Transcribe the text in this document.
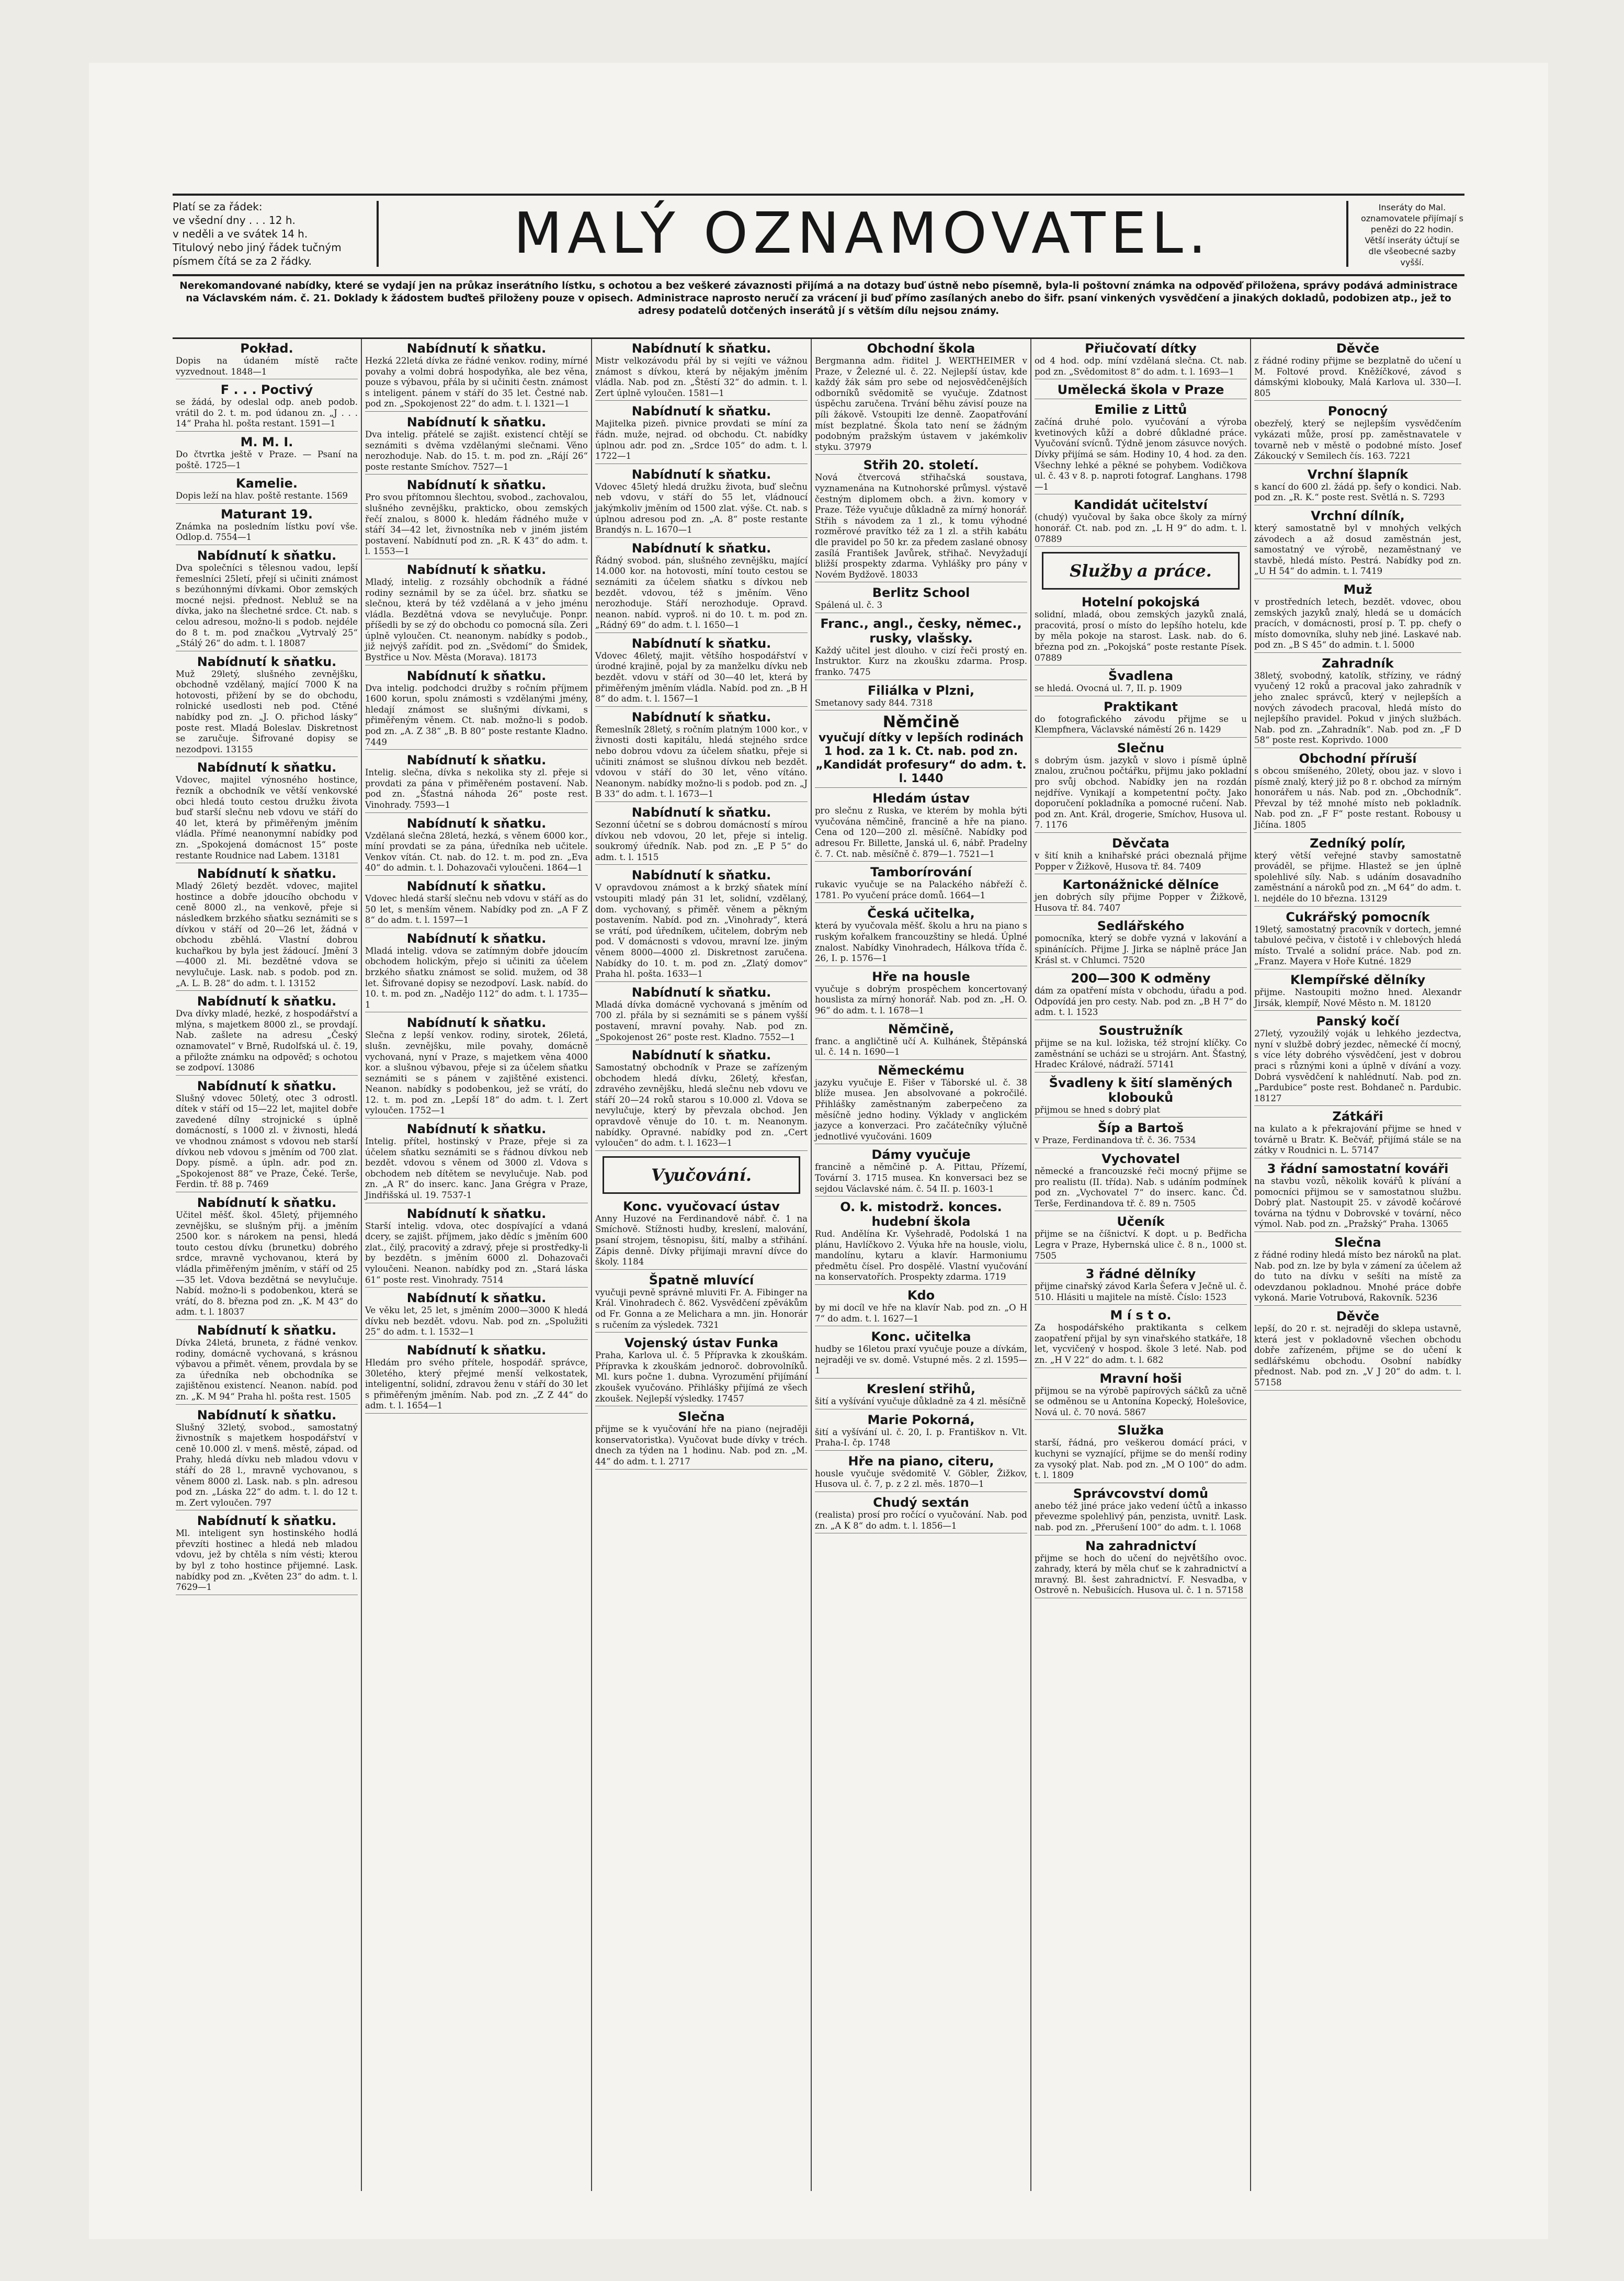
Platí se za řádek:
ve všední dny . . . 12 h.
v neděli a ve svátek 14 h.
Titulový nebo jiný řádek tučným písmem čítá se za 2 řádky.	MALÝ OZNAMOVATEL.	Inseráty do Mal. oznamovatele přijímají s penězi do 22 hodin. Větší inseráty účtují se dle všeobecné sazby vyšší.
Nerekomandované nabídky, které se vydají jen na průkaz inserátního lístku, s ochotou a bez veškeré závaznosti přijímá a na dotazy buď ústně nebo písemně, byla-li poštovní známka na odpověď přiložena, správy podává administrace na Václavském nám. č. 21. Doklady k žádostem buďteš přiloženy pouze v opisech. Administrace naprosto neručí za vrácení ji buď přímo zasílaných anebo do šifr. psaní vinkených vysvědčení a jinakých dokladů, podobizen atp., jež to adresy podatelů dotčených inserátů jí s větším dílu nejsou známy.

Pokład.

Dopis na údaném místě račte vyzvednout. 1848—1

F . . . Poctivý

se žádá, by odeslal odp. aneb podob. vrátil do 2. t. m. pod údanou zn. „J . . . 14“ Praha hl. pošta restant. 1591—1

M. M. I.

Do čtvrtka ještě v Praze. — Psaní na poště. 1725—1

Kamelie.

Dopis leží na hlav. poště restante. 1569

Maturant 19.

Známka na posledním lístku poví vše. Odlop.d. 7554—1

Nabídnutí k sňatku.

Dva společníci s tělesnou vadou, lepší řemeslníci 25letí, přejí si učiniti známost s bezúhonnými dívkami. Obor zemských mocné nejsi. přednost. Nebluž se na dívka, jako na šlechetné srdce. Ct. nab. s celou adresou, možno-li s podob. nejdéle do 8 t. m. pod značkou „Vytrvalý 25“ „Stálý 26“ do adm. t. l. 18087

Nabídnutí k sňatku.

Muž 29letý, slušného zevnějšku, obchodně vzdělaný, mající 7000 K na hotovosti, přižení by se do obchodu, rolnické usedlosti neb pod. Ctěné nabídky pod zn. „J. O. přichod lásky“ poste rest. Mladá Boleslav. Diskretnost se zaručuje. Šifrované dopisy se nezodpovi. 13155

Nabídnutí k sňatku.

Vdovec, majitel výnosného hostince, řezník a obchodník ve větší venkovské obci hledá touto cestou družku života buď starší slečnu neb vdovu ve stáří do 40 let, která by přiměřeným jměním vládla. Přímé neanonymní nabídky pod zn. „Spokojená domácnost 15“ poste restante Roudnice nad Labem. 13181

Nabídnutí k sňatku.

Mladý 26letý bezdět. vdovec, majitel hostince a dobře jdoucího obchodu v ceně 8000 zl., na venkově, přeje si následkem brzkého sňatku seznámiti se s dívkou v stáří od 20—26 let, žádná v obchodu zběhlá. Vlastní dobrou kuchařkou by byla jest žádoucí. Jmění 3—4000 zl. Mi. bezdětné vdova se nevylučuje. Lask. nab. s podob. pod zn. „A. L. B. 28“ do adm. t. l. 13152

Nabídnutí k sňatku.

Dva dívky mladé, hezké, z hospodářství a mlýna, s majetkem 8000 zl., se provdají. Nab. zašlete na adresu „Český oznamovatel“ v Brně, Rudolfská ul. č. 19, a přiložte známku na odpověď; s ochotou se zodpoví. 13086

Nabídnutí k sňatku.

Slušný vdovec 50letý, otec 3 odrostl. dítek v stáří od 15—22 let, majitel dobře zavedené dílny strojnické s úplně domácností, s 1000 zl. v živnosti, hledá ve vhodnou známost s vdovou neb starší dívkou neb vdovou s jměním od 700 zlat. Dopy. písmě. a úpln. adr. pod zn. „Spokojenost 88“ ve Praze, Čeké. Terše, Ferdin. tř. 88 p. 7469

Nabídnutí k sňatku.

Učitel měšť. škol. 45letý, přijemného zevnějšku, se slušným přij. a jměním 2500 kor. s nárokem na pensi, hledá touto cestou dívku (brunetku) dobrého srdce, mravně vychovanou, která by vládla přiměřeným jměním, v stáří od 25—35 let. Vdova bezdětná se nevylučuje. Nabíd. možno-li s podobenkou, která se vrátí, do 8. března pod zn. „K. M 43“ do adm. t. l. 18037

Nabídnutí k sňatku.

Dívka 24letá, bruneta, z řádné venkov. rodiny, domácně vychovaná, s krásnou výbavou a přimět. věnem, provdala by se za úředníka neb obchodníka se zajištěnou existencí. Neanon. nabíd. pod zn. „K. M 94“ Praha hl. pošta rest. 1505

Nabídnutí k sňatku.

Slušný 32letý, svobod., samostatný živnostník s majetkem hospodářství v ceně 10.000 zl. v menš. městě, západ. od Prahy, hledá dívku neb mladou vdovu v stáří do 28 l., mravně vychovanou, s věnem 8000 zl. Lask. nab. s pln. adresou pod zn. „Láska 22“ do adm. t. l. do 12 t. m. Zert vyloučen. 797

Nabídnutí k sňatku.

Ml. inteligent syn hostinského hodlá převzíti hostinec a hledá neb mladou vdovu, jež by chtěla s ním vésti; kterou by byl z toho hostince přijemné. Lask. nabídky pod zn. „Květen 23“ do adm. t. l. 7629—1

Nabídnutí k sňatku.

Hezká 22letá dívka ze řádné venkov. rodiny, mírné povahy a volmi dobrá hospodyňka, ale bez věna, pouze s výbavou, přála by si učiniti čestn. známost s inteligent. pánem v stáří do 35 let. Čestné nab. pod zn. „Spokojenost 22“ do adm. t. l. 1321—1

Nabídnutí k sňatku.

Dva intelig. přátelé se zajišt. existencí chtějí se seznámiti s dvěma vzdělanými slečnami. Věno nerozhoduje. Nab. do 15. t. m. pod zn. „Rájí 26“ poste restante Smíchov. 7527—1

Nabídnutí k sňatku.

Pro svou přítomnou šlechtou, svobod., zachovalou, slušného zevnějšku, prakticko, obou zemských řečí znalou, s 8000 k. hledám řádného muže v stáří 34—42 let, živnostníka neb v jiném jistém postavení. Nabídnutí pod zn. „R. K 43“ do adm. t. l. 1553—1

Nabídnutí k sňatku.

Mladý, intelig. z rozsáhly obchodník a řádné rodiny seznámil by se za účel. brz. sňatku se slečnou, která by též vzdělaná a v jeho jménu vládla. Bezdětná vdova se nevylučuje. Ponpr. příšedli by se zý do obchodu co pomocná síla. Zeri úplně vyloučen. Ct. neanonym. nabídky s podob., již nejvýš zařídit. pod zn. „Svědomí“ do Šmidek, Bystřice u Nov. Města (Morava). 18173

Nabídnutí k sňatku.

Dva intelig. podchodci družby s ročním příjmem 1600 korun, spolu známosti s vzdělanými jmény, hledají známost se slušnými dívkami, s přiměřeným věnem. Ct. nab. možno-li s podob. pod zn. „A. Z 38“ „B. B 80“ poste restante Kladno. 7449

Nabídnutí k sňatku.

Intelig. slečna, dívka s nekolika sty zl. přeje si provdati za pána v přiměřeném postavení. Nab. pod zn. „Šťastná náhoda 26“ poste rest. Vinohrady. 7593—1

Nabídnutí k sňatku.

Vzdělaná slečna 28letá, hezká, s věnem 6000 kor., míní provdati se za pána, úředníka neb učitele. Venkov vítán. Ct. nab. do 12. t. m. pod zn. „Eva 40“ do admin. t. l. Dohazovači vyloučeni. 1864—1

Nabídnutí k sňatku.

Vdovec hledá starší slečnu neb vdovu v stáří as do 50 let, s menším věnem. Nabídky pod zn. „A F Z 8“ do adm. t. l. 1597—1

Nabídnutí k sňatku.

Mladá intelig. vdova se zatímným dobře jdoucím obchodem holickým, přejo si učiniti za účelem brzkého sňatku známost se solid. mužem, od 38 let. Šifrované dopisy se nezodpoví. Lask. nabíd. do 10. t. m. pod zn. „Nadějo 112“ do adm. t. l. 1735—1

Nabídnutí k sňatku.

Slečna z lepší venkov. rodiny, sirotek, 26letá, slušn. zevnějšku, mile povahy, domácně vychovaná, nyní v Praze, s majetkem věna 4000 kor. a slušnou výbavou, přeje si za účelem sňatku seznámiti se s pánem v zajištěné existenci. Neanon. nabídky s podobenkou, jež se vrátí, do 12. t. m. pod zn. „Lepší 18“ do adm. t. l. Zert vyloučen. 1752—1

Nabídnutí k sňatku.

Intelig. přítel, hostinský v Praze, přeje si za účelem sňatku seznámiti se s řádnou dívkou neb bezdět. vdovou s věnem od 3000 zl. Vdova s obchodem neb dítětem se nevylučuje. Nab. pod zn. „A R“ do inserc. kanc. Jana Grégra v Praze, Jindřišská ul. 19. 7537-1

Nabídnutí k sňatku.

Starší intelig. vdova, otec dospívající a vdaná dcery, se zajišt. příjmem, jako dědíc s jměním 600 zlat., čilý, pracovitý a zdravý, přeje si prostředky-li by bezdětn. s jměním 6000 zl. Dohazovači vyloučeni. Neanon. nabídky pod zn. „Stará láska 61“ poste rest. Vinohrady. 7514

Nabídnutí k sňatku.

Ve věku let, 25 let, s jměním 2000—3000 K hledá dívku neb bezdět. vdovu. Nab. pod zn. „Spolužiti 25“ do adm. t. l. 1532—1

Nabídnutí k sňatku.

Hledám pro svého přítele, hospodář. správce, 30letého, který přejmé menší velkostatek, inteligentní, solidní, zdravou ženu v stáří do 30 let s přiměřeným jměním. Nab. pod zn. „Z Z 44“ do adm. t. l. 1654—1

Nabídnutí k sňatku.

Mistr velkozávodu přál by si vejíti ve vážnou známost s dívkou, která by nějakým jměním vládla. Nab. pod zn. „Štěstí 32“ do admin. t. l. Zert úplně vyloučen. 1581—1

Nabídnutí k sňatku.

Majitelka pizeň. pivnice provdati se míní za řádn. muže, nejrad. od obchodu. Ct. nabídky úplnou adr. pod zn. „Srdce 105“ do adm. t. l. 1722—1

Nabídnutí k sňatku.

Vdovec 45letý hledá družku života, buď slečnu neb vdovu, v stáří do 55 let, vládnoucí jakýmkoliv jměním od 1500 zlat. výše. Ct. nab. s úplnou adresou pod zn. „A. 8“ poste restante Brandýs n. L. 1670—1

Nabídnutí k sňatku.

Řádný svobod. pán, slušného zevnějšku, mající 14.000 kor. na hotovosti, míní touto cestou se seznámiti za účelem sňatku s dívkou neb bezdět. vdovou, též s jměním. Věno nerozhoduje. Stáří nerozhoduje. Opravd. neanon. nabíd. vyproš. ni do 10. t. m. pod zn. „Rádný 69“ do adm. t. l. 1650—1

Nabídnutí k sňatku.

Vdovec 46letý, majit. většího hospodářství v úrodné krajině, pojal by za manželku dívku neb bezdět. vdovu v stáří od 30—40 let, která by přiměřeným jměním vládla. Nabíd. pod zn. „B H 8“ do adm. t. l. 1567—1

Nabídnutí k sňatku.

Řemeslník 28letý, s ročním platným 1000 kor., v živnosti dosti kapitálu, hledá stejného srdce nebo dobrou vdovu za účelem sňatku, přeje si učiniti známost se slušnou dívkou neb bezdět. vdovou v stáří do 30 let, věno vítáno. Neanonym. nabídky možno-li s podob. pod zn. „J B 33“ do adm. t. l. 1673—1

Nabídnutí k sňatku.

Sezonní účetní se s dobrou domácností s mírou dívkou neb vdovou, 20 let, přeje si intelig. soukromý úředník. Nab. pod zn. „E P 5“ do adm. t. l. 1515

Nabídnutí k sňatku.

V opravdovou známost a k brzký sňatek míní vstoupiti mladý pán 31 let, solidní, vzdělaný, dom. vychovaný, s přiměř. věnem a pěkným postavením. Nabíd. pod zn. „Vinohrady“, která se vrátí, pod úředníkem, učitelem, dobrým neb pod. V domácnosti s vdovou, mravní lze. jiným věnem 8000—4000 zl. Diskretnost zaručena. Nabídky do 10. t. m. pod zn. „Zlatý domov“ Praha hl. pošta. 1633—1

Nabídnutí k sňatku.

Mladá dívka domácně vychovaná s jměním od 700 zl. přála by si seznámiti se s pánem vyšší postavení, mravní povahy. Nab. pod zn. „Spokojenost 26“ poste rest. Kladno. 7552—1

Nabídnutí k sňatku.

Samostatný obchodník v Praze se zařízeným obchodem hledá dívku, 26letý, křesťan, zdravého zevnějšku, hledá slečnu neb vdovu ve stáří 20—24 roků starou s 10.000 zl. Vdova se nevylučuje, který by převzala obchod. Jen opravdově věnuje do 10. t. m. Neanonym. nabídky. Opravné. nabídky pod zn. „Cert vyloučen“ do adm. t. l. 1623—1

Vyučování.

Konc. vyučovací ústav

Anny Huzové na Ferdinandově nábř. č. 1 na Smíchově. Stížnosti hudby, kreslení, malování, psaní strojem, těsnopisu, šití, malby a střihání. Zápis denně. Dívky přijímaji mravní dívce do školy. 1184

Špatně mluvící

vyučuji pevně správně mluviti Fr. A. Fibinger na Král. Vinohradech č. 862. Vysvědčení zpěvákům od Fr. Gonna a ze Melichara a mn. jin. Honorár s ručením za výsledek. 7321

Vojenský ústav Funka

Praha, Karlova ul. č. 5 Přípravka k zkouškám. Přípravka k zkouškám jednoroč. dobrovolníků. Ml. kurs počne 1. dubna. Vyrozumění přijímání zkoušek vyučováno. Přihlášky přijímá ze všech zkoušek. Nejlepší výsledky. 17457

Slečna

přijme se k vyučování hře na piano (nejraději konservatoristka). Vyučovat bude dívky v tréch. dnech za týden na 1 hodinu. Nab. pod zn. „M. 44“ do adm. t. l. 2717

Obchodní škola

Bergmanna adm. řiditel J. WERTHEIMER v Praze, v Železné ul. č. 22. Nejlepší ústav, kde každý žák sám pro sebe od nejosvědčenějších odborníků svědomitě se vyučuje. Zdatnost úspěchu zaručena. Trvání běhu závisí pouze na píli žákově. Vstoupiti lze denně. Zaopatřování míst bezplatné. Škola tato není se žádným podobným pražským ústavem v jakémkoliv styku. 37979

Střih 20. století.

Nová čtvercová střihačská soustava, vyznamenána na Kutnohorské průmysl. výstavě čestným diplomem obch. a živn. komory v Praze. Téže vyučuje důkladně za mírný honorář. Střih s návodem za 1 zl., k tomu výhodné rozměrové pravítko též za 1 zl. a střih kabátu dle pravidel po 50 kr. za předem zaslané obnosy zasílá František Javůrek, střihač. Nevyžadují bližší prospekty zdarma. Vyhlášky pro pány v Novém Bydžově. 18033

Berlitz School

Spálená ul. č. 3

Franc., angl., česky, němec., rusky, vlašsky.

Každý učitel jest dlouho. v cizí řeči prostý en. Instruktor. Kurz na zkoušku zdarma. Prosp. franko. 7475

Filiálka v Plzni,

Smetanovy sady 844. 7318

Němčině

vyučují dítky v lepších rodinách 1 hod. za 1 k. Ct. nab. pod zn. „Kandidát profesury“ do adm. t. l. 1440

Hledám ústav

pro slečnu z Ruska, ve kterém by mohla býti vyučována němčině, francině a hře na piano. Cena od 120—200 zl. měsíčně. Nabídky pod adresou Fr. Billette, Janská ul. 6, nábř. Pradelny č. 7. Ct. nab. měsíčně č. 879—1. 7521—1

Tamborírování

rukavic vyučuje se na Palackého nábřeží č. 1781. Po vyučení práce domů. 1664—1

Česká učitelka,

která by vyučovala měšť. školu a hru na piano s ruským kořalkem francouzštiny se hledá. Úplné znalost. Nabídky Vinohradech, Hálkova třída č. 26, I. p. 1576—1

Hře na housle

vyučuje s dobrým prospěchem koncertovaný houslista za mírný honorář. Nab. pod zn. „H. O. 96“ do adm. t. l. 1678—1

Němčině,

franc. a angličtině učí A. Kulhánek, Štěpánská ul. č. 14 n. 1690—1

Německému

jazyku vyučuje E. Fišer v Táborské ul. č. 38 blíže musea. Jen absolvované a pokročilé. Přihlášky zaměstnaným zaberpečeno za měsíčně jedno hodiny. Výklady v anglickém jazyce a konverzaci. Pro začátečníky výlučně jednotlivé vyučováni. 1609

Dámy vyučuje

francině a němčině p. A. Pittau, Přízemí, Tovární 3. 1715 musea. Kn konversaci bez se sejdou Václavské nám. č. 54 II. p. 1603-1

O. k. mistodrž. konces. hudební škola

Rud. Andělína Kr. Vyšehradě, Podolská 1 na plánu, Havlíčkovo 2. Výuka hře na housle, violu, mandolínu, kytaru a klavír. Harmoniumu předmětu čísel. Pro dospělé. Vlastní vyučování na konservatořích. Prospekty zdarma. 1719

Kdo

by mi docíl ve hře na klavír Nab. pod zn. „O H 7“ do adm. t. l. 1627—1

Konc. učitelka

hudby se 16letou praxí vyučuje pouze a dívkám, nejraději ve sv. domě. Vstupné měs. 2 zl. 1595—1

Kreslení střihů,

šití a vyšívání vyučuje důkladně za 4 zl. měsíčně

Marie Pokorná,

šití a vyšívání ul. č. 20, I. p. Františkov n. Vlt. Praha-I. čp. 1748

Hře na piano, citeru,

housle vyučuje svědomitě V. Göbler, Žižkov, Husova ul. č. 7, p. z 2 zl. měs. 1870—1

Chudý sextán

(realista) prosí pro ročící o vyučování. Nab. pod zn. „A K 8“ do adm. t. l. 1856—1

Přiučovatí dítky

od 4 hod. odp. míní vzdělaná slečna. Ct. nab. pod zn. „Svědomitost 8“ do adm. t. l. 1693—1

Umělecká škola v Praze

Emilie z Littů

začíná druhé polo. vyučování a výroba kvetinových kůží a dobré důkladné práce. Vyučování svícnů. Týdně jenom zásuvce nových. Dívky přijímá se sám. Hodiny 10, 4 hod. za den. Všechny lehké a pěkné se pohybem. Vodičkova ul. č. 43 v 8. p. naproti fotograf. Langhans. 1798—1

Kandidát učitelství

(chudý) vyučoval by šaka obce školy za mírný honorář. Ct. nab. pod zn. „L H 9“ do adm. t. l. 07889

Služby a práce.

Hotelní pokojská

solidní, mladá, obou zemských jazyků znalá, pracovitá, prosí o místo do lepšího hotelu, kde by měla pokoje na starost. Lask. nab. do 6. března pod zn. „Pokojská“ poste restante Písek. 07889

Švadlena

se hledá. Ovocná ul. 7, II. p. 1909

Praktikant

do fotografického závodu přijme se u Klempfnera, Václavské náměstí 26 n. 1429

Slečnu

s dobrým úsm. jazyků v slovo i písmě úplně znalou, zručnou počtářku, přijmu jako pokladní pro svůj obchod. Nabídky jen na rozdán nejdříve. Vynikají a kompetentní počty. Jako doporučení pokladníka a pomocné ručení. Nab. pod zn. Ant. Král, drogerie, Smíchov, Husova ul. 7. 1176

Děvčata

v šití knih a knihařské práci obeznalá přijme Popper v Žižkově, Husova tř. 84. 7409

Kartonážnické dělníce

jen dobrých síly přijme Popper v Žižkově, Husova tř. 84. 7407

Sedlářského

pomocníka, který se dobře vyzná v lakování a spinánících. Přijme J. Jirka se náplně práce Jan Krásl st. v Chlumci. 7520

200—300 K odměny

dám za opatření místa v obchodu, úřadu a pod. Odpovídá jen pro cesty. Nab. pod zn. „B H 7“ do adm. t. l. 1523

Soustružník

přijme se na kul. ložiska, též strojní klíčky. Co zaměstnání se ucházi se u strojárn. Ant. Šťastný, Hradec Králové, nádraží. 57141

Švadleny k šití slaměných klobouků

přijmou se hned s dobrý plat

Šíp a Bartoš

v Praze, Ferdinandova tř. č. 36. 7534

Vychovatel

německé a francouzské řeči mocný přijme se pro realistu (II. třída). Nab. s udáním podmínek pod zn. „Vychovatel 7“ do inserc. kanc. Čd. Terše, Ferdinandova tř. č. 89 n. 7505

Učeník

přijme se na číšnictví. K dopt. u p. Bedřicha Legra v Praze, Hybernská ulice č. 8 n., 1000 st. 7505

3 řádné dělníky

přijme cinařský závod Karla Šefera v Ječně ul. č. 510. Hlásiti u majitele na místě. Číslo: 1523

M í s t o.

Za hospodářského praktikanta s celkem zaopatření přijal by syn vinařského statkáře, 18 let, vycvičený v hospod. škole 3 leté. Nab. pod zn. „H V 22“ do adm. t. l. 682

Mravní hoši

přijmou se na výrobě papírových sáčků za učně se odměnou se u Antonína Kopecký, Holešovice, Nová ul. č. 70 nová. 5867

Služka

starší, řádná, pro veškerou domácí práci, v kuchyni se vyznající, přijme se do menší rodiny za vysoký plat. Nab. pod zn. „M O 100“ do adm. t. l. 1809

Správcovství domů

anebo též jiné práce jako vedení účtů a inkasso převezme spolehlivý pán, penzista, uvnitř. Lask. nab. pod zn. „Přerušení 100“ do adm. t. l. 1068

Na zahradnictví

přijme se hoch do učení do největšího ovoc. zahrady, která by měla chuť se k zahradnictví a mravný. Bl. šest zahradnictví. F. Nesvadba, v Ostrově n. Nebušicích. Husova ul. č. 1 n. 57158

Děvče

z řádné rodiny přijme se bezplatně do učení u M. Foltové provd. Kněžíčkové, závod s dámskými klobouky, Malá Karlova ul. 330—I. 805

Ponocný

obezřelý, který se nejlepším vysvědčením vykázati může, prosí pp. zaměstnavatele v tovarně neb v městě o podobné místo. Josef Zákoucký v Semilech čís. 163. 7221

Vrchní šlapník

s kancí do 600 zl. žádá pp. šefy o kondici. Nab. pod zn. „R. K.“ poste rest. Světlá n. S. 7293

Vrchní dílník,

který samostatně byl v mnohých velkých závodech a až dosud zaměstnán jest, samostatný ve výrobě, nezaměstnaný ve stavbě, hledá místo. Pestrá. Nabídky pod zn. „U H 54“ do admin. t. l. 7419

Muž

v prostředních letech, bezdět. vdovec, obou zemských jazyků znalý, hledá se u domácích pracích, v domácnosti, prosí p. T. pp. chefy o místo domovníka, sluhy neb jiné. Laskavé nab. pod zn. „B S 45“ do admin. t. l. 5000

Zahradník

38letý, svobodný, katolík, stříziny, ve rádný vyučený 12 roků a pracoval jako zahradník v jeho znalec správců, který v nejlepších a nových závodech pracoval, hledá místo do nejlepšího pravidel. Pokud v jiných službách. Nab. pod zn. „Zahradník“. Nab. pod zn. „F D 58“ poste rest. Koprivdo. 1000

Obchodní příruší

s obcou smíšeného, 20letý, obou jaz. v slovo i písmě znalý, který již po 8 r. obchod za mírným honorářem u nás. Nab. pod zn. „Obchodník“. Převzal by též mnohé místo neb pokladník. Nab. pod zn. „F F“ poste restant. Robousy u Jičína. 1805

Zedníký polír,

který větší veřejné stavby samostatně prováděl, se přijme. Hlastež se jen úplně spolehlivé síly. Nab. s udáním dosavadního zaměstnání a nároků pod zn. „M 64“ do adm. t. l. nejdéle do 10 března. 13129

Cukrářský pomocník

19letý, samostatný pracovník v dortech, jemné tabulové pečiva, v čistotě i v chlebových hledá místo. Trvalé a solidní práce. Nab. pod zn. „Franz. Mayera v Hoře Kutné. 1829

Klempířské dělníky

přijme. Nastoupiti možno hned. Alexandr Jirsák, klempíř, Nové Město n. M. 18120

Panský kočí

27letý, vyzoužilý voják u lehkého jezdectva, nyní v službě dobrý jezdec, německé čí mocný, s více léty dobrého výsvědčení, jest v dobrou praci s různými koni a úplně v dívání a vozy. Dobrá vysvědčení k nahlédnutí. Nab. pod zn. „Pardubice“ poste rest. Bohdaneč n. Pardubic. 18127

Zátkáři

na kulato a k překrajování přijme se hned v továrně u Bratr. K. Bečvář, přijímá stále se na zátky v Roudnici n. L. 57147

3 řádní samostatní kováři

na stavbu vozů, několik kovářů k plívání a pomocníci přijmou se v samostatnou službu. Dobrý plat. Nastoupit 25. v závodě kočárové továrna na týdnu v Dobrovské v tovární, něco výmol. Nab. pod zn. „Pražský“ Praha. 13065

Slečna

z řádné rodiny hledá místo bez nároků na plat. Nab. pod zn. lze by byla v zámení za účelem až do tuto na dívku v sešíti na místě za odevzdanou pokladnou. Mnohé práce dobře vykoná. Marie Votrubová, Rakovník. 5236

Děvče

lepší, do 20 r. st. nejraději do sklepa ustavně, která jest v pokladovně všechen obchodu dobře zařízeném, přijme se do učení k sedlářskému obchodu. Osobní nabídky přednost. Nab. pod zn. „V J 20“ do adm. t. l. 57158
